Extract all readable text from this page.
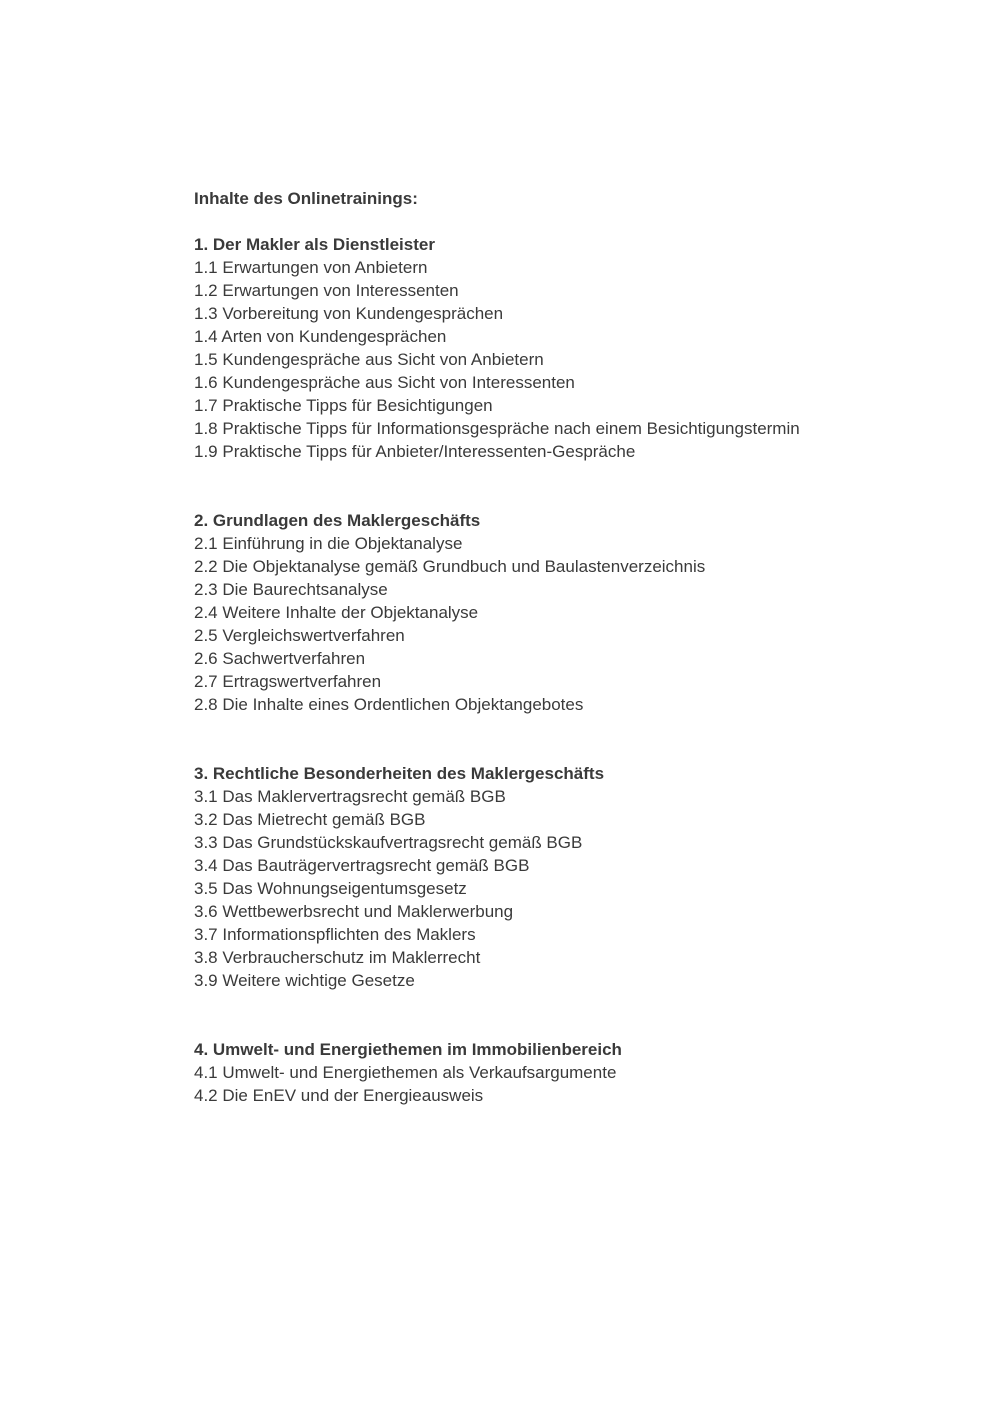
Inhalte des Onlinetrainings:
1. Der Makler als Dienstleister
1.1 Erwartungen von Anbietern
1.2 Erwartungen von Interessenten
1.3 Vorbereitung von Kundengesprächen
1.4 Arten von Kundengesprächen
1.5 Kundengespräche aus Sicht von Anbietern
1.6 Kundengespräche aus Sicht von Interessenten
1.7 Praktische Tipps für Besichtigungen
1.8 Praktische Tipps für Informationsgespräche nach einem Besichtigungstermin
1.9 Praktische Tipps für Anbieter/Interessenten-Gespräche
2. Grundlagen des Maklergeschäfts
2.1 Einführung in die Objektanalyse
2.2 Die Objektanalyse gemäß Grundbuch und Baulastenverzeichnis
2.3 Die Baurechtsanalyse
2.4 Weitere Inhalte der Objektanalyse
2.5 Vergleichswertverfahren
2.6 Sachwertverfahren
2.7 Ertragswertverfahren
2.8 Die Inhalte eines Ordentlichen Objektangebotes
3. Rechtliche Besonderheiten des Maklergeschäfts
3.1 Das Maklervertragsrecht gemäß BGB
3.2 Das Mietrecht gemäß BGB
3.3 Das Grundstückskaufvertragsrecht gemäß BGB
3.4 Das Bauträgervertragsrecht gemäß BGB
3.5 Das Wohnungseigentumsgesetz
3.6 Wettbewerbsrecht und Maklerwerbung
3.7 Informationspflichten des Maklers
3.8 Verbraucherschutz im Maklerrecht
3.9 Weitere wichtige Gesetze
4. Umwelt- und Energiethemen im Immobilienbereich
4.1 Umwelt- und Energiethemen als Verkaufsargumente
4.2 Die EnEV und der Energieausweis
